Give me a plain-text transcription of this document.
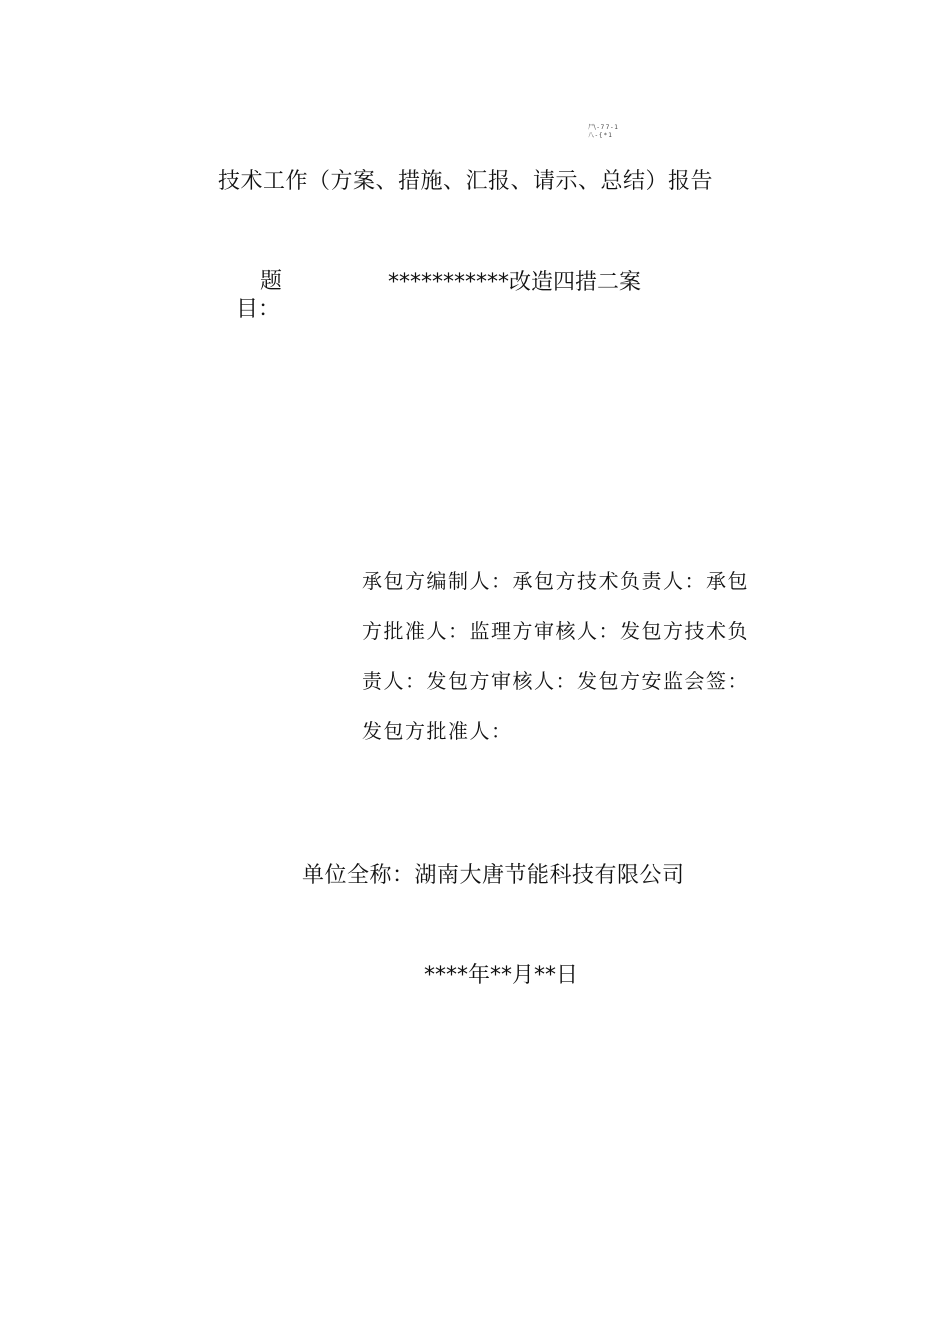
尸\ - 7 7 - 1
八 - { * 1
技术工作（方案、措施、汇报、请示、总结）报告
题
目：
***********改造四措二案
承包方编制人：承包方技术负责人：承包
方批准人：监理方审核人：发包方技术负
责人：发包方审核人：发包方安监会签：
发包方批准人：
单位全称：湖南大唐节能科技有限公司
****年**月**日
